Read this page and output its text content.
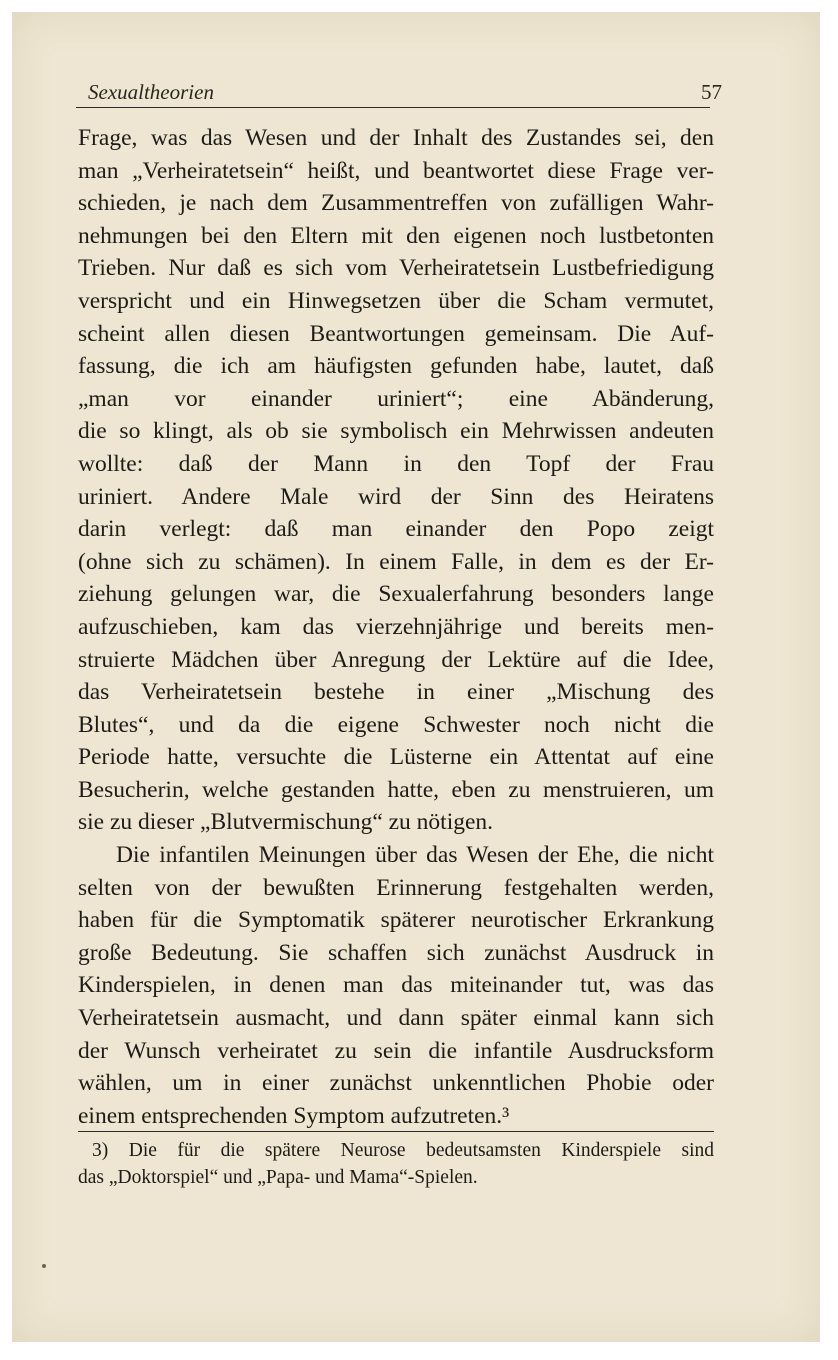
Sexualtheorien	57
Frage, was das Wesen und der Inhalt des Zustandes sei, den
man „Verheiratetsein“ heißt, und beantwortet diese Frage ver-
schieden, je nach dem Zusammentreffen von zufälligen Wahr-
nehmungen bei den Eltern mit den eigenen noch lustbetonten
Trieben. Nur daß es sich vom Verheiratetsein Lustbefriedigung
verspricht und ein Hinwegsetzen über die Scham vermutet,
scheint allen diesen Beantwortungen gemeinsam. Die Auf-
fassung, die ich am häufigsten gefunden habe, lautet, daß
„man vor einander uriniert“; eine Abänderung,
die so klingt, als ob sie symbolisch ein Mehrwissen andeuten
wollte: daß der Mann in den Topf der Frau
uriniert. Andere Male wird der Sinn des Heiratens
darin verlegt: daß man einander den Popo zeigt
(ohne sich zu schämen). In einem Falle, in dem es der Er-
ziehung gelungen war, die Sexualerfahrung besonders lange
aufzuschieben, kam das vierzehnjährige und bereits men-
struierte Mädchen über Anregung der Lektüre auf die Idee,
das Verheiratetsein bestehe in einer „Mischung des
Blutes“, und da die eigene Schwester noch nicht die
Periode hatte, versuchte die Lüsterne ein Attentat auf eine
Besucherin, welche gestanden hatte, eben zu menstruieren, um
sie zu dieser „Blutvermischung“ zu nötigen.
Die infantilen Meinungen über das Wesen der Ehe, die nicht
selten von der bewußten Erinnerung festgehalten werden,
haben für die Symptomatik späterer neurotischer Erkrankung
große Bedeutung. Sie schaffen sich zunächst Ausdruck in
Kinderspielen, in denen man das miteinander tut, was das
Verheiratetsein ausmacht, und dann später einmal kann sich
der Wunsch verheiratet zu sein die infantile Ausdrucksform
wählen, um in einer zunächst unkenntlichen Phobie oder
einem entsprechenden Symptom aufzutreten.³
3) Die für die spätere Neurose bedeutsamsten Kinderspiele sind
das „Doktorspiel“ und „Papa- und Mama“-Spielen.
